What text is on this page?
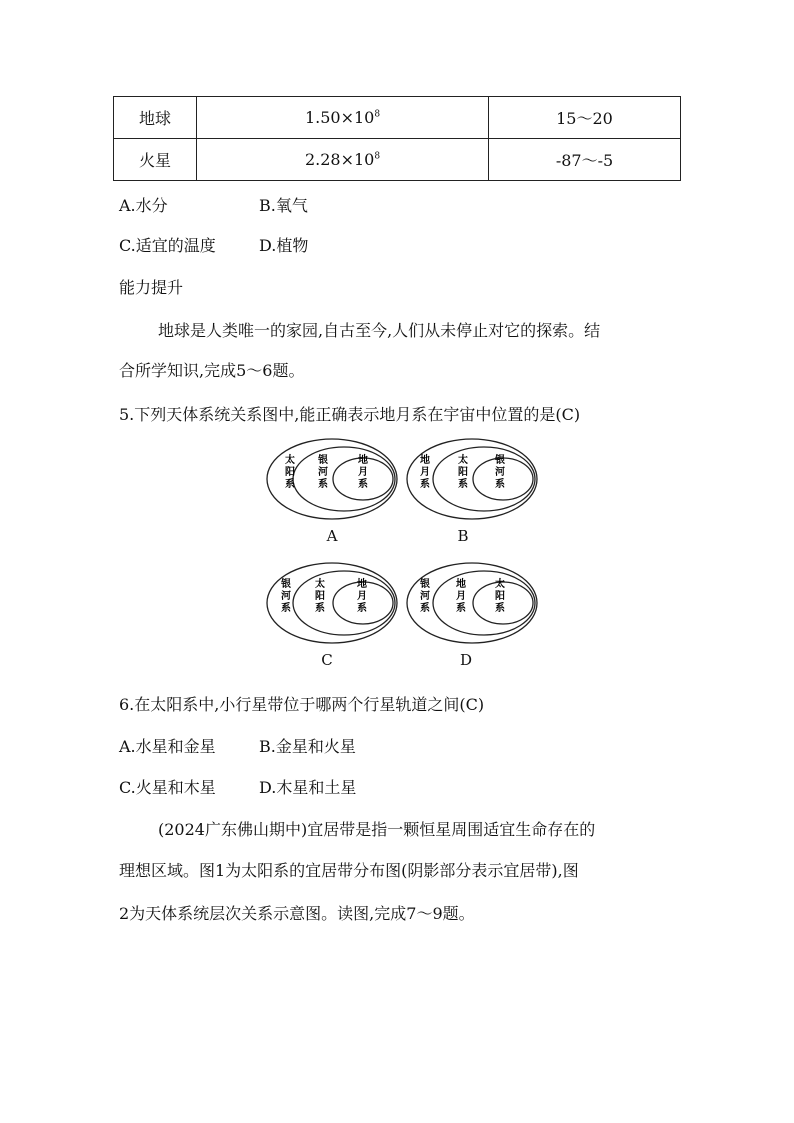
地球	$1.50\times 10^8$	15～20
火星	$2.28\times 10^8$	-87～-5
A.水分	B.氧气
C.适宜的温度	D.植物
能力提升
地球是人类唯一的家园,自古至今,人们从未停止对它的探索。结
合所学知识,完成5～6题。
5.下列天体系统关系图中,能正确表示地月系在宇宙中位置的是(C)
太阳系
银河系
地月系
A
地月系
太阳系
银河系
B
银河系
太阳系
地月系
C
银河系
地月系
太阳系
D
6.在太阳系中,小行星带位于哪两个行星轨道之间(C)
A.水星和金星	B.金星和火星
C.火星和木星	D.木星和土星
(2024广东佛山期中)宜居带是指一颗恒星周围适宜生命存在的
理想区域。图1为太阳系的宜居带分布图(阴影部分表示宜居带),图
2为天体系统层次关系示意图。读图,完成7～9题。
